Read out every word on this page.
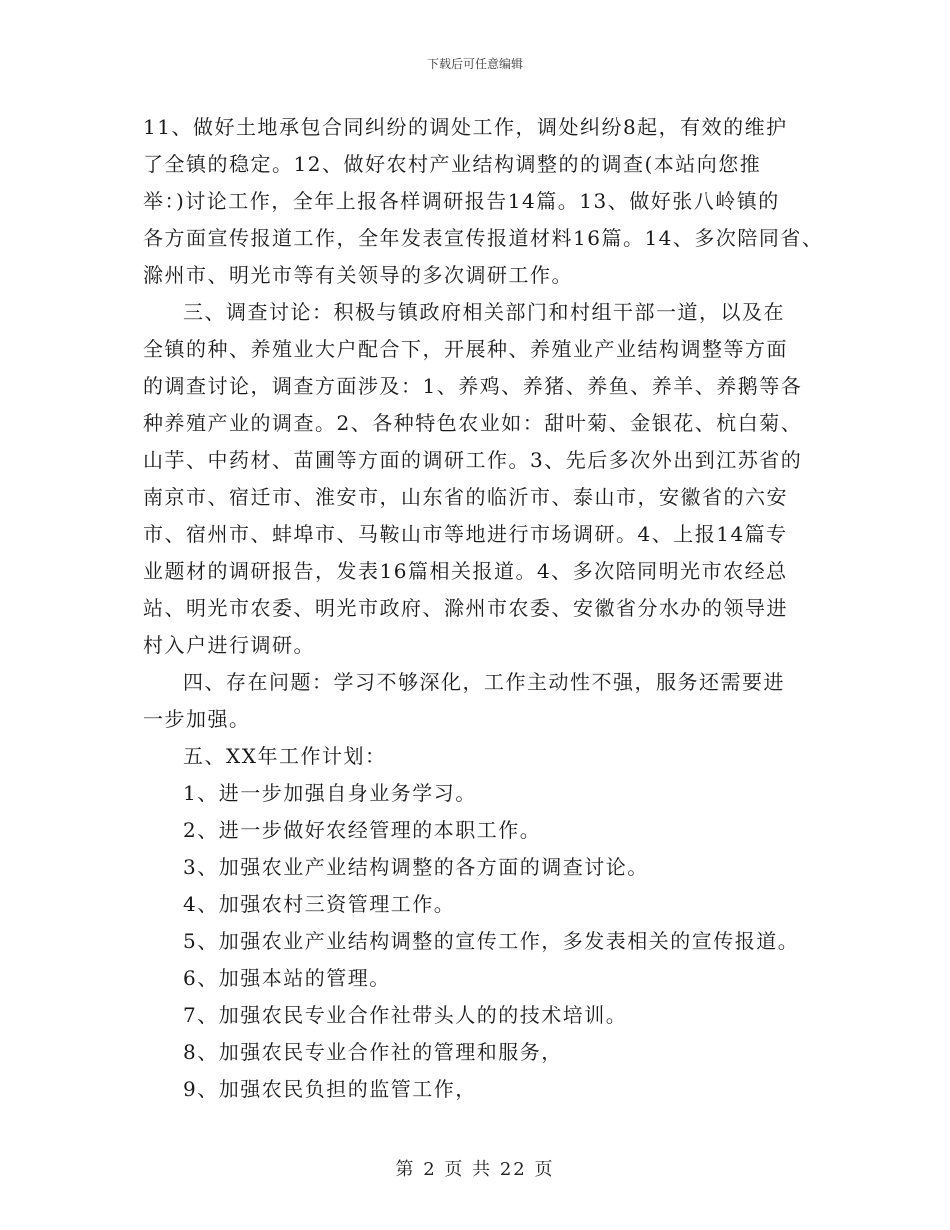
下载后可任意编辑
11、做好土地承包合同纠纷的调处工作，调处纠纷8起，有效的维护
了全镇的稳定。12、做好农村产业结构调整的的调查(本站向您推
举：)讨论工作，全年上报各样调研报告14篇。13、做好张八岭镇的
各方面宣传报道工作，全年发表宣传报道材料16篇。14、多次陪同省、
滁州市、明光市等有关领导的多次调研工作。
三、调查讨论：积极与镇政府相关部门和村组干部一道，以及在
全镇的种、养殖业大户配合下，开展种、养殖业产业结构调整等方面
的调查讨论，调查方面涉及：1、养鸡、养猪、养鱼、养羊、养鹅等各
种养殖产业的调查。2、各种特色农业如：甜叶菊、金银花、杭白菊、
山芋、中药材、苗圃等方面的调研工作。3、先后多次外出到江苏省的
南京市、宿迁市、淮安市，山东省的临沂市、泰山市，安徽省的六安
市、宿州市、蚌埠市、马鞍山市等地进行市场调研。4、上报14篇专
业题材的调研报告，发表16篇相关报道。4、多次陪同明光市农经总
站、明光市农委、明光市政府、滁州市农委、安徽省分水办的领导进
村入户进行调研。
四、存在问题：学习不够深化，工作主动性不强，服务还需要进
一步加强。
五、XX年工作计划：
1、进一步加强自身业务学习。
2、进一步做好农经管理的本职工作。
3、加强农业产业结构调整的各方面的调查讨论。
4、加强农村三资管理工作。
5、加强农业产业结构调整的宣传工作，多发表相关的宣传报道。
6、加强本站的管理。
7、加强农民专业合作社带头人的的技术培训。
8、加强农民专业合作社的管理和服务，
9、加强农民负担的监管工作，
第 2 页 共 22 页
